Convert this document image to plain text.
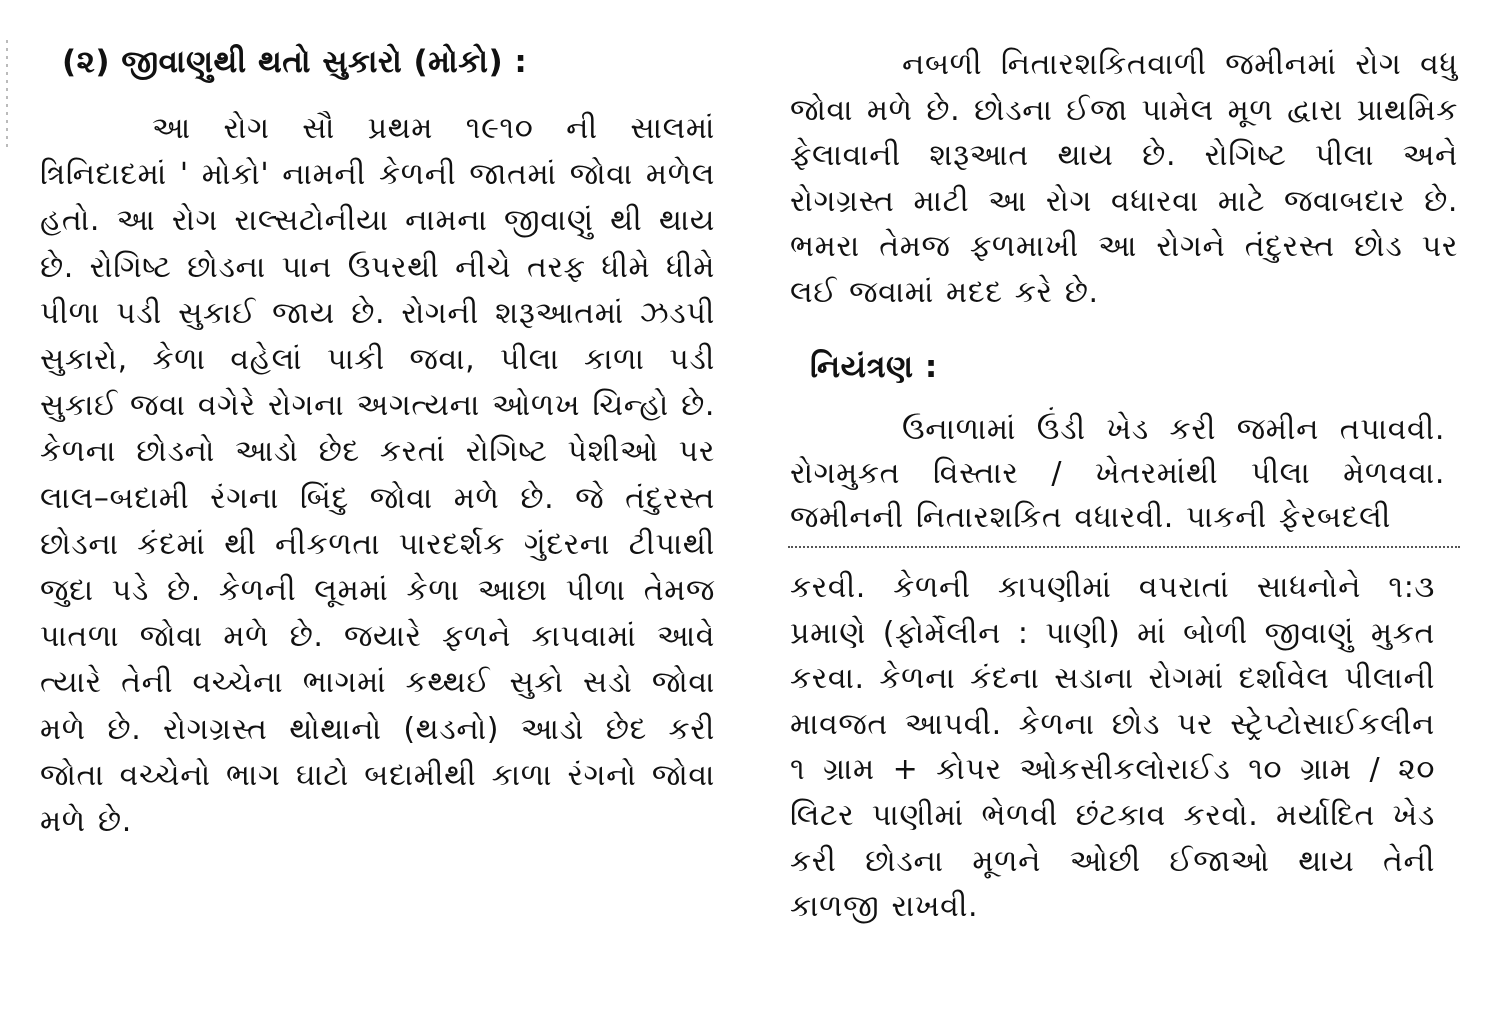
(૨) જીવાણુથી થતો સુકારો (મોકો) :

આ રોગ સૌ પ્રથમ ૧૯૧૦ ની સાલમાં ત્રિનિદાદમાં ' મોકો' નામની કેળની જાતમાં જોવા મળેલ હતો. આ રોગ રાલ્સટોનીયા નામના જીવાણું થી થાય છે. રોગિષ્ટ છોડના પાન ઉપરથી નીચે તરફ ધીમે ધીમે પીળા પડી સુકાઈ જાય છે. રોગની શરૂઆતમાં ઝડપી સુકારો, કેળા વહેલાં પાકી જવા, પીલા કાળા પડી સુકાઈ જવા વગેરે રોગના અગત્યના ઓળખ ચિન્હો છે. કેળના છોડનો આડો છેદ કરતાં રોગિષ્ટ પેશીઓ પર લાલ–બદામી રંગના બિંદુ જોવા મળે છે. જે તંદુરસ્ત છોડના કંદમાં થી નીકળતા પારદર્શક ગુંદરના ટીપાથી જુદા પડે છે. કેળની લૂમમાં કેળા આછા પીળા તેમજ પાતળા જોવા મળે છે. જયારે ફળને કાપવામાં આવે ત્યારે તેની વચ્ચેના ભાગમાં કથ્થઈ સુકો સડો જોવા મળે છે. રોગગ્રસ્ત થોથાનો (થડનો) આડો છેદ કરી જોતા વચ્ચેનો ભાગ ઘાટો બદામીથી કાળા રંગનો જોવા મળે છે.

નબળી નિતારશકિતવાળી જમીનમાં રોગ વધુ જોવા મળે છે. છોડના ઈજા પામેલ મૂળ દ્વારા પ્રાથમિક ફેલાવાની શરૂઆત થાય છે. રોગિષ્ટ પીલા અને રોગગ્રસ્ત માટી આ રોગ વધારવા માટે જવાબદાર છે. ભમરા તેમજ ફળમાખી આ રોગને તંદુરસ્ત છોડ પર લઈ જવામાં મદદ કરે છે.

નિયંત્રણ :

ઉનાળામાં ઉંડી ખેડ કરી જમીન તપાવવી. રોગમુકત વિસ્તાર / ખેતરમાંથી પીલા મેળવવા. જમીનની નિતારશકિત વધારવી. પાકની ફેરબદલી

કરવી. કેળની કાપણીમાં વપરાતાં સાધનોને ૧:૩ પ્રમાણે (ફોર્મેલીન : પાણી) માં બોળી જીવાણું મુકત કરવા. કેળના કંદના સડાના રોગમાં દર્શાવેલ પીલાની માવજત આપવી. કેળના છોડ પર સ્ટ્રેપ્ટોસાઈકલીન ૧ ગ્રામ + કોપર ઓકસીકલોરાઈડ ૧૦ ગ્રામ / ૨૦ લિટર પાણીમાં ભેળવી છંટકાવ કરવો. મર્યાદિત ખેડ કરી છોડના મૂળને ઓછી ઈજાઓ થાય તેની કાળજી રાખવી.
